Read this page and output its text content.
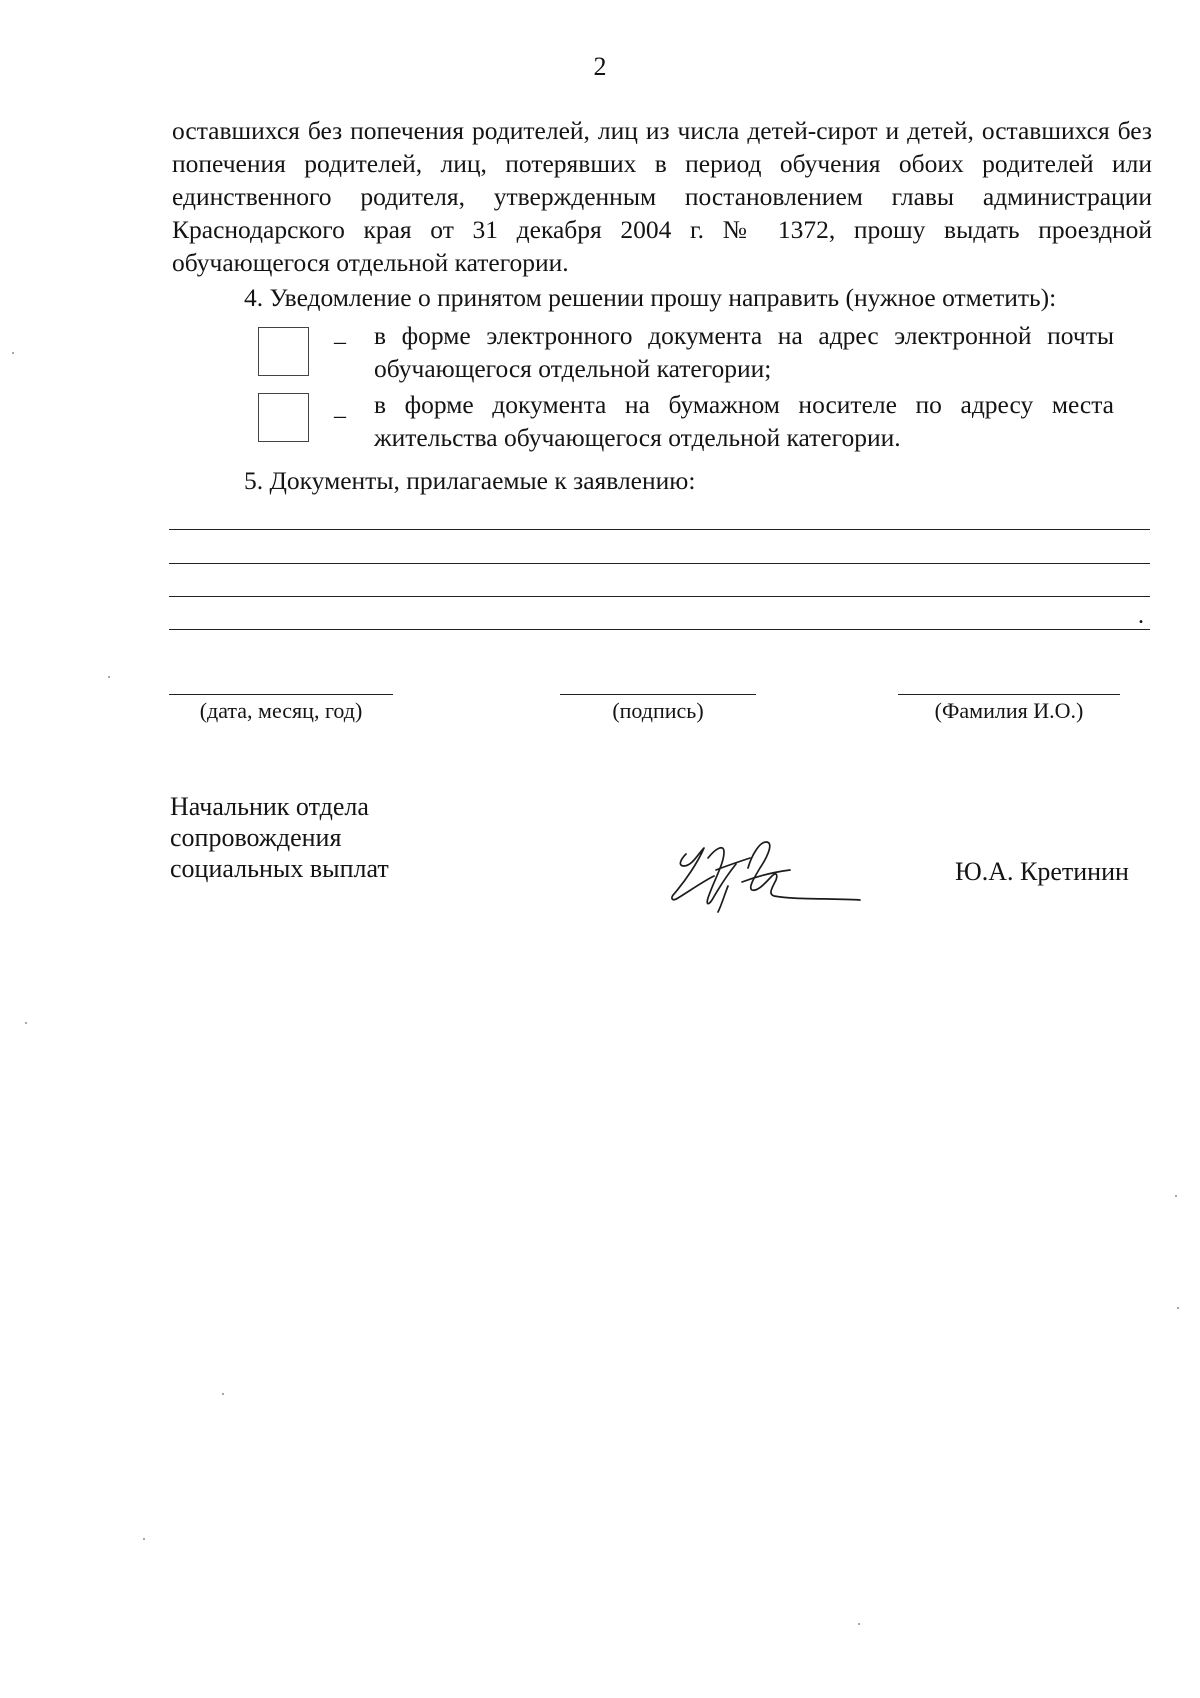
2

оставшихся без попечения родителей, лиц из числа детей-сирот и детей, оставшихся без попечения родителей, лиц, потерявших в период обучения обоих родителей или единственного родителя, утвержденным постановлением главы администрации Краснодарского края от 31 декабря 2004 г. № 1372, прошу выдать проездной обучающегося отдельной категории.

4. Уведомление о принятом решении прошу направить (нужное отметить):
– в форме электронного документа на адрес электронной почты обучающегося отдельной категории;

– в форме документа на бумажном носителе по адресу места жительства обучающегося отдельной категории.

5. Документы, прилагаемые к заявлению:
.
(дата, месяц, год)	(подпись)	(Фамилия И.О.)
Начальник отдела
сопровождения
социальных выплат	Ю.А. Кретинин
